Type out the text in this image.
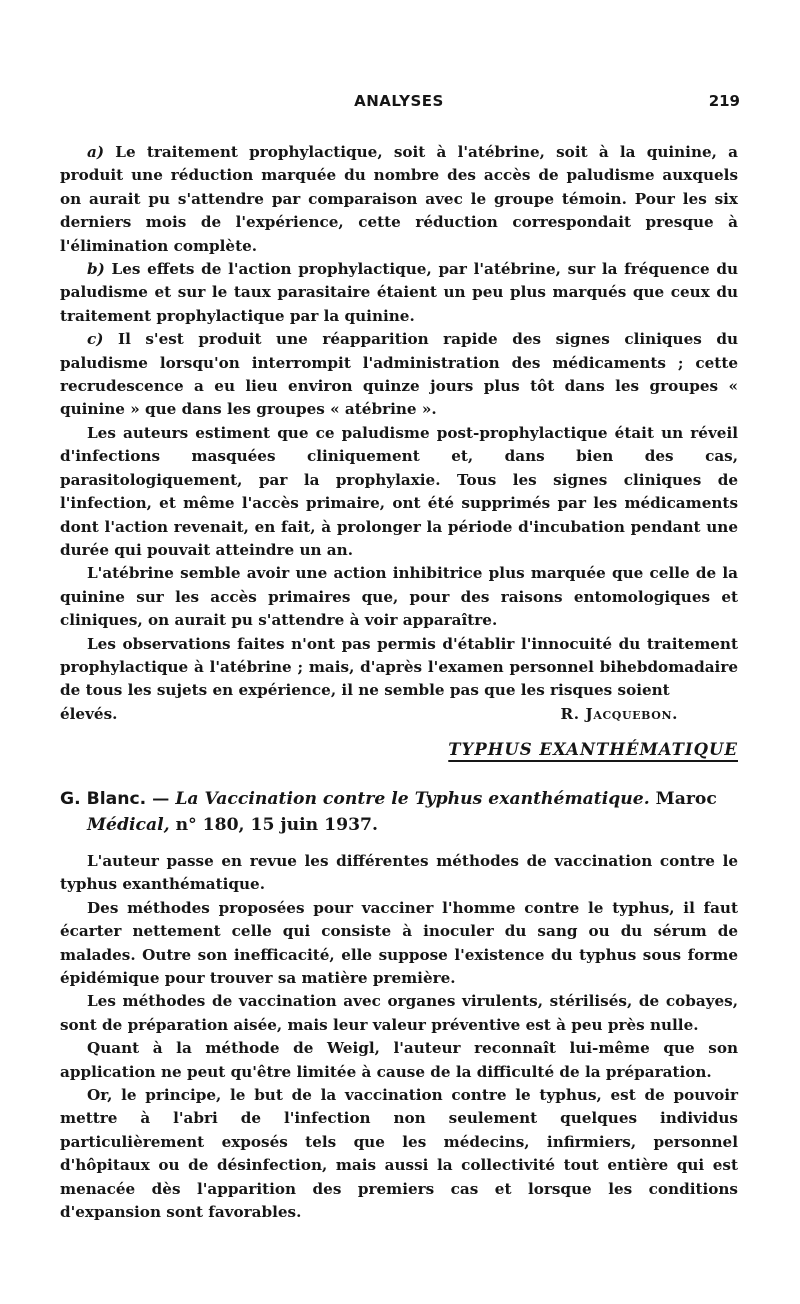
ANALYSES	219

a) Le traitement prophylactique, soit à l'atébrine, soit à la quinine, a produit une réduction marquée du nombre des accès de paludisme auxquels on aurait pu s'attendre par comparaison avec le groupe témoin. Pour les six derniers mois de l'expérience, cette réduction correspondait presque à l'élimination complète.

b) Les effets de l'action prophylactique, par l'atébrine, sur la fréquence du paludisme et sur le taux parasitaire étaient un peu plus marqués que ceux du traitement prophylactique par la quinine.

c) Il s'est produit une réapparition rapide des signes cliniques du paludisme lorsqu'on interrompit l'administration des médicaments ; cette recrudescence a eu lieu environ quinze jours plus tôt dans les groupes « quinine » que dans les groupes « atébrine ».

Les auteurs estiment que ce paludisme post-prophylactique était un réveil d'infections masquées cliniquement et, dans bien des cas, parasitologiquement, par la prophylaxie. Tous les signes cliniques de l'infection, et même l'accès primaire, ont été supprimés par les médicaments dont l'action revenait, en fait, à prolonger la période d'incubation pendant une durée qui pouvait atteindre un an.

L'atébrine semble avoir une action inhibitrice plus marquée que celle de la quinine sur les accès primaires que, pour des raisons entomologiques et cliniques, on aurait pu s'attendre à voir apparaître.

Les observations faites n'ont pas permis d'établir l'innocuité du traitement prophylactique à l'atébrine ; mais, d'après l'examen personnel bihebdomadaire de tous les sujets en expérience, il ne semble pas que les risques soient

élevés.	R. Jacquebon.
TYPHUS EXANTHÉMATIQUE
G. Blanc. — La Vaccination contre le Typhus exanthématique. Maroc
Médical, n° 180, 15 juin 1937.

L'auteur passe en revue les différentes méthodes de vaccination contre le typhus exanthématique.

Des méthodes proposées pour vacciner l'homme contre le typhus, il faut écarter nettement celle qui consiste à inoculer du sang ou du sérum de malades. Outre son inefficacité, elle suppose l'existence du typhus sous forme épidémique pour trouver sa matière première.

Les méthodes de vaccination avec organes virulents, stérilisés, de cobayes, sont de préparation aisée, mais leur valeur préventive est à peu près nulle.

Quant à la méthode de Weigl, l'auteur reconnaît lui-même que son application ne peut qu'être limitée à cause de la difficulté de la préparation.

Or, le principe, le but de la vaccination contre le typhus, est de pouvoir mettre à l'abri de l'infection non seulement quelques individus particulièrement exposés tels que les médecins, infirmiers, personnel d'hôpitaux ou de désinfection, mais aussi la collectivité tout entière qui est menacée dès l'apparition des premiers cas et lorsque les conditions d'expansion sont favorables.
